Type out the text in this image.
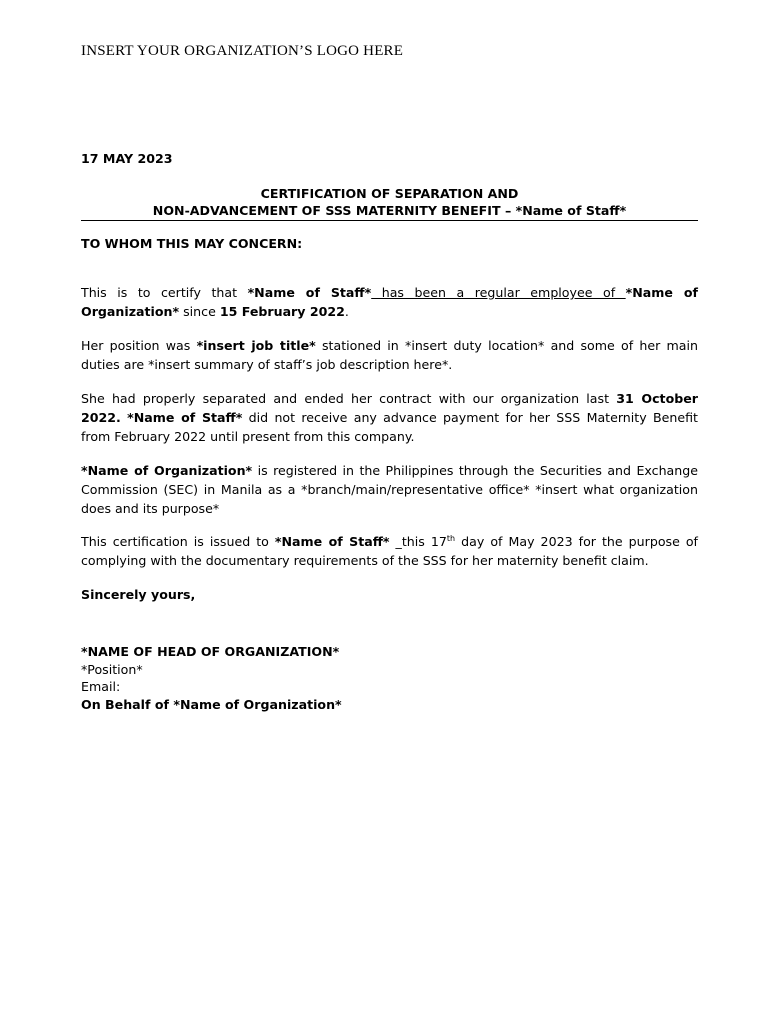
INSERT YOUR ORGANIZATION’S LOGO HERE
17 MAY 2023
CERTIFICATION OF SEPARATION AND
NON-ADVANCEMENT OF SSS MATERNITY BENEFIT – *Name of Staff*
TO WHOM THIS MAY CONCERN:
This is to certify that *Name of Staff* has been a regular employee of *Name of Organization* since 15 February 2022.
Her position was *insert job title* stationed in *insert duty location* and some of her main duties are *insert summary of staff’s job description here*.
She had properly separated and ended her contract with our organization last 31 October 2022. *Name of Staff* did not receive any advance payment for her SSS Maternity Benefit from February 2022 until present from this company.
*Name of Organization* is registered in the Philippines through the Securities and Exchange Commission (SEC) in Manila as a *branch/main/representative office* *insert what organization does and its purpose*
This certification is issued to *Name of Staff* _this 17th day of May 2023 for the purpose of complying with the documentary requirements of the SSS for her maternity benefit claim.
Sincerely yours,
*NAME OF HEAD OF ORGANIZATION*
*Position*
Email:
On Behalf of *Name of Organization*
